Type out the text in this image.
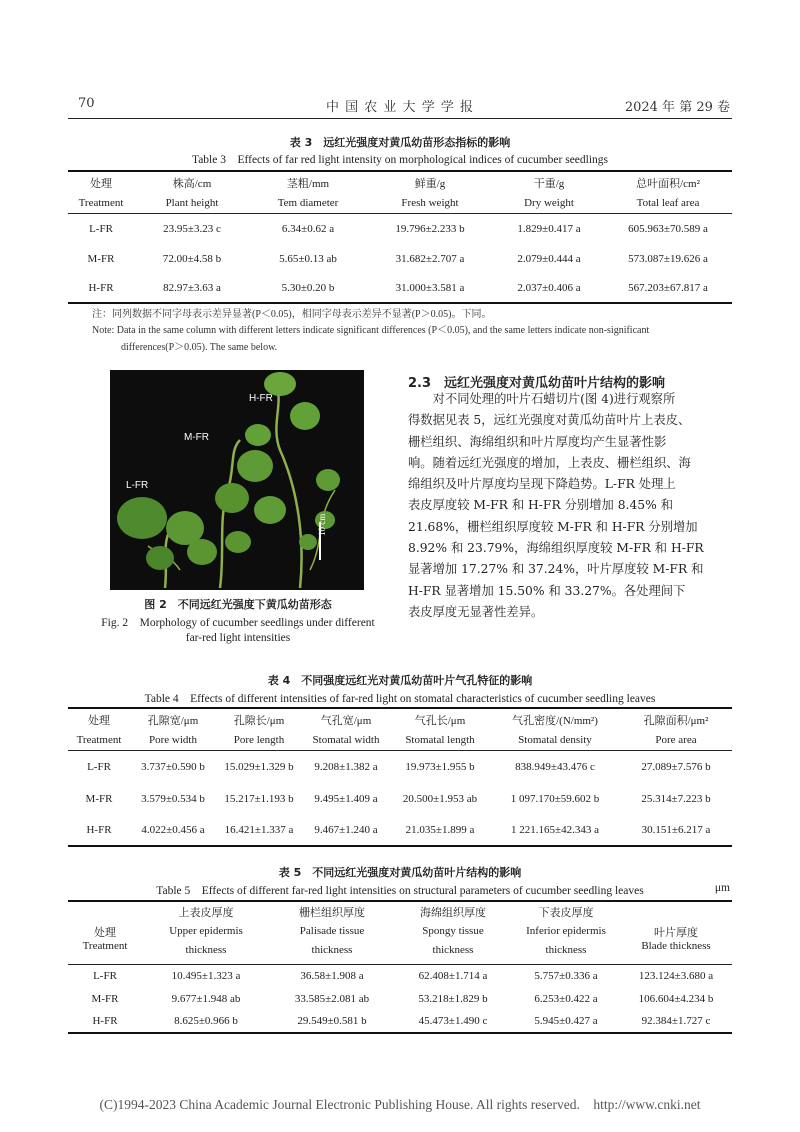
70	中 国 农 业 大 学 学 报	2024 年 第 29 卷
表 3　远红光强度对黄瓜幼苗形态指标的影响
Table 3　Effects of far red light intensity on morphological indices of cucumber seedlings
处理	株高/cm	茎粗/mm	鲜重/g	干重/g	总叶面积/cm²
Treatment	Plant height	Tem diameter	Fresh weight	Dry weight	Total leaf area
L-FR	23.95±3.23 c	6.34±0.62 a	19.796±2.233 b	1.829±0.417 a	605.963±70.589 a
M-FR	72.00±4.58 b	5.65±0.13 ab	31.682±2.707 a	2.079±0.444 a	573.087±19.626 a
H-FR	82.97±3.63 a	5.30±0.20 b	31.000±3.581 a	2.037±0.406 a	567.203±67.817 a
注：同列数据不同字母表示差异显著(P＜0.05)，相同字母表示差异不显著(P＞0.05)。下同。
Note: Data in the same column with different letters indicate significant differences (P＜0.05), and the same letters indicate non-significant
differences(P＞0.05). The same below.
L-FR
M-FR
H-FR
10 cm
图 2　不同远红光强度下黄瓜幼苗形态
Fig. 2　Morphology of cucumber seedlings under different
far-red light intensities
2.3　远红光强度对黄瓜幼苗叶片结构的影响
　　对不同处理的叶片石蜡切片(图 4)进行观察所
得数据见表 5，远红光强度对黄瓜幼苗叶片上表皮、
栅栏组织、海绵组织和叶片厚度均产生显著性影
响。随着远红光强度的增加，上表皮、栅栏组织、海
绵组织及叶片厚度均呈现下降趋势。L-FR 处理上
表皮厚度较 M-FR 和 H-FR 分别增加 8.45% 和
21.68%，栅栏组织厚度较 M-FR 和 H-FR 分别增加
8.92% 和 23.79%，海绵组织厚度较 M-FR 和 H-FR
显著增加 17.27% 和 37.24%，叶片厚度较 M-FR 和
H-FR 显著增加 15.50% 和 33.27%。各处理间下
表皮厚度无显著性差异。
表 4　不同强度远红光对黄瓜幼苗叶片气孔特征的影响
Table 4　Effects of different intensities of far-red light on stomatal characteristics of cucumber seedling leaves
处理	孔隙宽/μm	孔隙长/μm	气孔宽/μm	气孔长/μm	气孔密度/(N/mm²)	孔隙面积/μm²
Treatment	Pore width	Pore length	Stomatal width	Stomatal length	Stomatal density	Pore area
L-FR	3.737±0.590 b	15.029±1.329 b	9.208±1.382 a	19.973±1.955 b	838.949±43.476 c	27.089±7.576 b
M-FR	3.579±0.534 b	15.217±1.193 b	9.495±1.409 a	20.500±1.953 ab	1 097.170±59.602 b	25.314±7.223 b
H-FR	4.022±0.456 a	16.421±1.337 a	9.467±1.240 a	21.035±1.899 a	1 221.165±42.343 a	30.151±6.217 a
表 5　不同远红光强度对黄瓜幼苗叶片结构的影响
Table 5　Effects of different far-red light intensities on structural parameters of cucumber seedling leaves	μm
	上表皮厚度	栅栏组织厚度	海绵组织厚度	下表皮厚度	
处理	Upper epidermis	Palisade tissue	Spongy tissue	Inferior epidermis	叶片厚度
Treatment	thickness	thickness	thickness	thickness	Blade thickness

L-FR	10.495±1.323 a	36.58±1.908 a	62.408±1.714 a	5.757±0.336 a	123.124±3.680 a
M-FR	9.677±1.948 ab	33.585±2.081 ab	53.218±1.829 b	6.253±0.422 a	106.604±4.234 b
H-FR	8.625±0.966 b	29.549±0.581 b	45.473±1.490 c	5.945±0.427 a	92.384±1.727 c
(C)1994-2023 China Academic Journal Electronic Publishing House. All rights reserved.　http://www.cnki.net
